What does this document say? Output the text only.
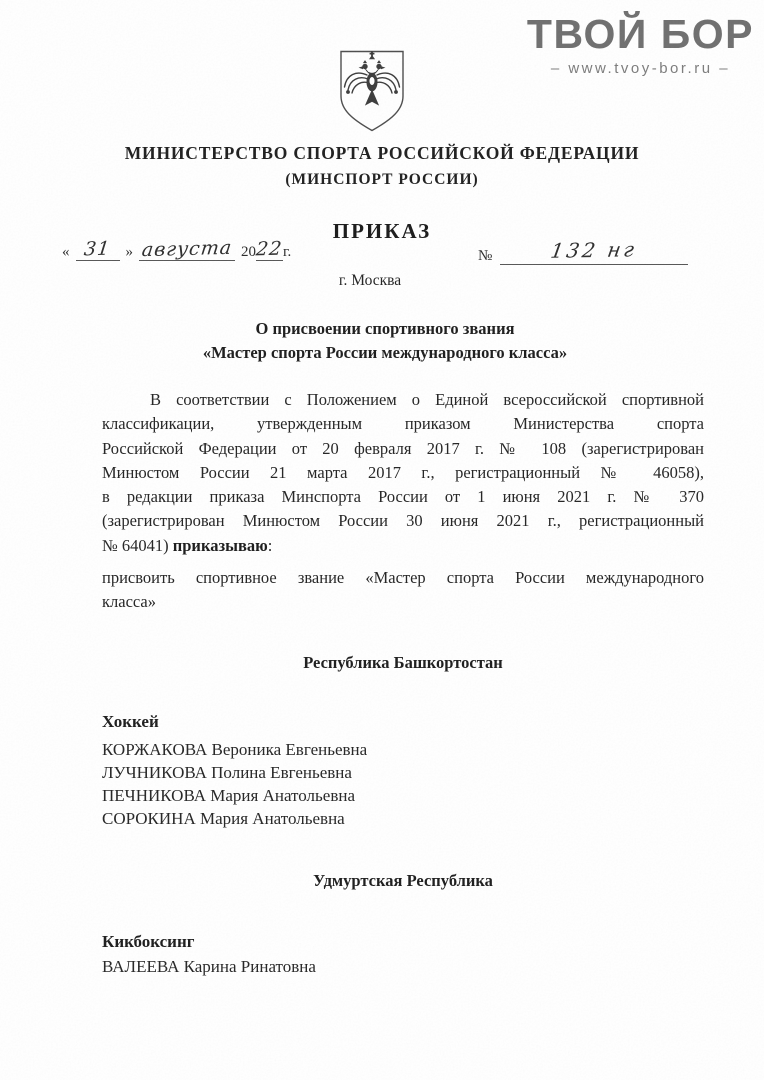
ТВОЙ БОР
– www.tvoy-bor.ru –
МИНИСТЕРСТВО СПОРТА РОССИЙСКОЙ ФЕДЕРАЦИИ
(МИНСПОРТ РОССИИ)
ПРИКАЗ
« 31 » августа 20 22 г.	№	132 нг
г. Москва
О присвоении спортивного звания
«Мастер спорта России международного класса»
В соответствии с Положением о Единой всероссийской спортивной
классификации, утвержденным приказом Министерства спорта
Российской Федерации от 20 февраля 2017 г. № 108 (зарегистрирован
Минюстом России 21 марта 2017 г., регистрационный № 46058),
в редакции приказа Минспорта России от 1 июня 2021 г. № 370
(зарегистрирован Минюстом России 30 июня 2021 г., регистрационный
№ 64041) приказываю:
присвоить спортивное звание «Мастер спорта России международного
класса»
Республика Башкортостан
Хоккей
КОРЖАКОВА Вероника Евгеньевна
ЛУЧНИКОВА Полина Евгеньевна
ПЕЧНИКОВА Мария Анатольевна
СОРОКИНА Мария Анатольевна
Удмуртская Республика
Кикбоксинг
ВАЛЕЕВА Карина Ринатовна
